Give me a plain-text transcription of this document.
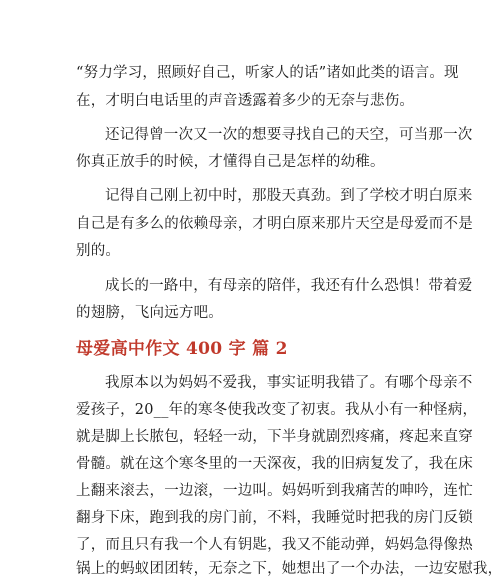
“努力学习，照顾好自己，听家人的话”诸如此类的语言。现
在，才明白电话里的声音透露着多少的无奈与悲伤。
还记得曾一次又一次的想要寻找自己的天空，可当那一次
你真正放手的时候，才懂得自己是怎样的幼稚。
记得自己刚上初中时，那股天真劲。到了学校才明白原来
自己是有多么的依赖母亲，才明白原来那片天空是母爱而不是
别的。
成长的一路中，有母亲的陪伴，我还有什么恐惧！带着爱
的翅膀，飞向远方吧。
母爱高中作文 400 字 篇 2
我原本以为妈妈不爱我，事实证明我错了。有哪个母亲不
爱孩子，20__年的寒冬使我改变了初衷。我从小有一种怪病，
就是脚上长脓包，轻轻一动，下半身就剧烈疼痛，疼起来直穿
骨髓。就在这个寒冬里的一天深夜，我的旧病复发了，我在床
上翻来滚去，一边滚，一边叫。妈妈听到我痛苦的呻吟，连忙
翻身下床，跑到我的房门前，不料，我睡觉时把我的房门反锁
了，而且只有我一个人有钥匙，我又不能动弹，妈妈急得像热
锅上的蚂蚁团团转，无奈之下，她想出了一个办法，一边安慰我，
